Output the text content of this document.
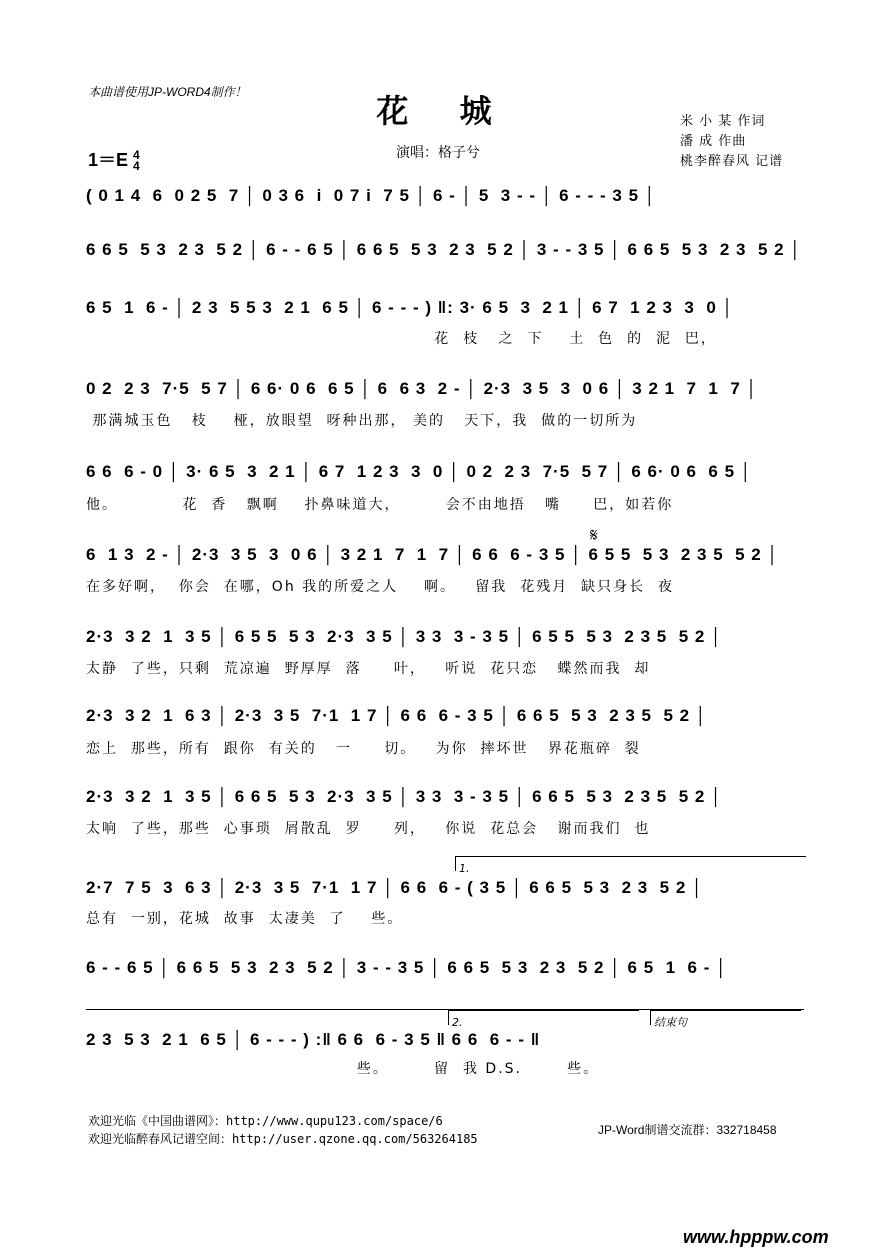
本曲谱使用JP-WORD4制作！	花 城	米 小 某 作词
潘 成 作曲
桃李醉春风 记谱
1＝E 4
4
演唱：格子兮
𝄋
( 0 1 4  6  0 2 5  7 │ 0 3 6  i  0 7 i  7 5 │ 6 - │ 5  3 - - │ 6 - - - 3 5 │
6 6 5  5 3  2 3  5 2 │ 6 - - 6 5 │ 6 6 5  5 3  2 3  5 2 │ 3 - - 3 5 │ 6 6 5  5 3  2 3  5 2 │
6 5  1  6 - │ 2 3  5 5 3  2 1  6 5 │ 6 - - - ) ‖: 3· 6 5  3  2 1 │ 6 7  1 2 3  3  0 │
花  枝   之  下    土  色  的  泥  巴，
0 2  2 3  7·5  5 7 │ 6 6· 0 6  6 5 │ 6  6 3  2 - │ 2·3  3 5  3  0 6 │ 3 2 1  7  1  7 │
那满城玉色   枝    桠，放眼望  呀种出那， 美的   天下，我  做的一切所为
6 6  6 - 0 │ 3· 6 5  3  2 1 │ 6 7  1 2 3  3  0 │ 0 2  2 3  7·5  5 7 │ 6 6· 0 6  6 5 │
他。          花  香   飘啊    扑鼻味道大，       会不由地捂   嘴     巴，如若你
6  1 3  2 - │ 2·3  3 5  3  0 6 │ 3 2 1  7  1  7 │ 6 6  6 - 3 5 │ 6 5 5  5 3  2 3 5  5 2 │
在多好啊，  你会  在哪，Oh 我的所爱之人    啊。   留我  花残月  缺只身长  夜
2·3  3 2  1  3 5 │ 6 5 5  5 3  2·3  3 5 │ 3 3  3 - 3 5 │ 6 5 5  5 3  2 3 5  5 2 │
太静  了些，只剩  荒凉遍  野厚厚  落     叶，   听说  花只恋   蝶然而我  却
2·3  3 2  1  6 3 │ 2·3  3 5  7·1  1 7 │ 6 6  6 - 3 5 │ 6 6 5  5 3  2 3 5  5 2 │
恋上  那些，所有  跟你  有关的   一     切。   为你  摔坏世   界花瓶碎  裂
2·3  3 2  1  3 5 │ 6 6 5  5 3  2·3  3 5 │ 3 3  3 - 3 5 │ 6 6 5  5 3  2 3 5  5 2 │
太响  了些，那些  心事琐  屑散乱  罗     列，   你说  花总会   谢而我们  也
1.
2·7  7 5  3  6 3 │ 2·3  3 5  7·1  1 7 │ 6 6  6 - ( 3 5 │ 6 6 5  5 3  2 3  5 2 │
总有  一别，花城  故事  太凄美  了    些。
6 - - 6 5 │ 6 6 5  5 3  2 3  5 2 │ 3 - - 3 5 │ 6 6 5  5 3  2 3  5 2 │ 6 5  1  6 - │
2.	结束句
2 3  5 3  2 1  6 5 │ 6 - - - ) :‖ 6 6  6 - 3 5 ‖ 6 6  6 - - ‖
些。       留  我 D.S.       些。
欢迎光临《中国曲谱网》：http://www.qupu123.com/space/6
欢迎光临醉春风记谱空间：http://user.qzone.qq.com/563264185
JP-Word制谱交流群：332718458
www.hpppw.com
